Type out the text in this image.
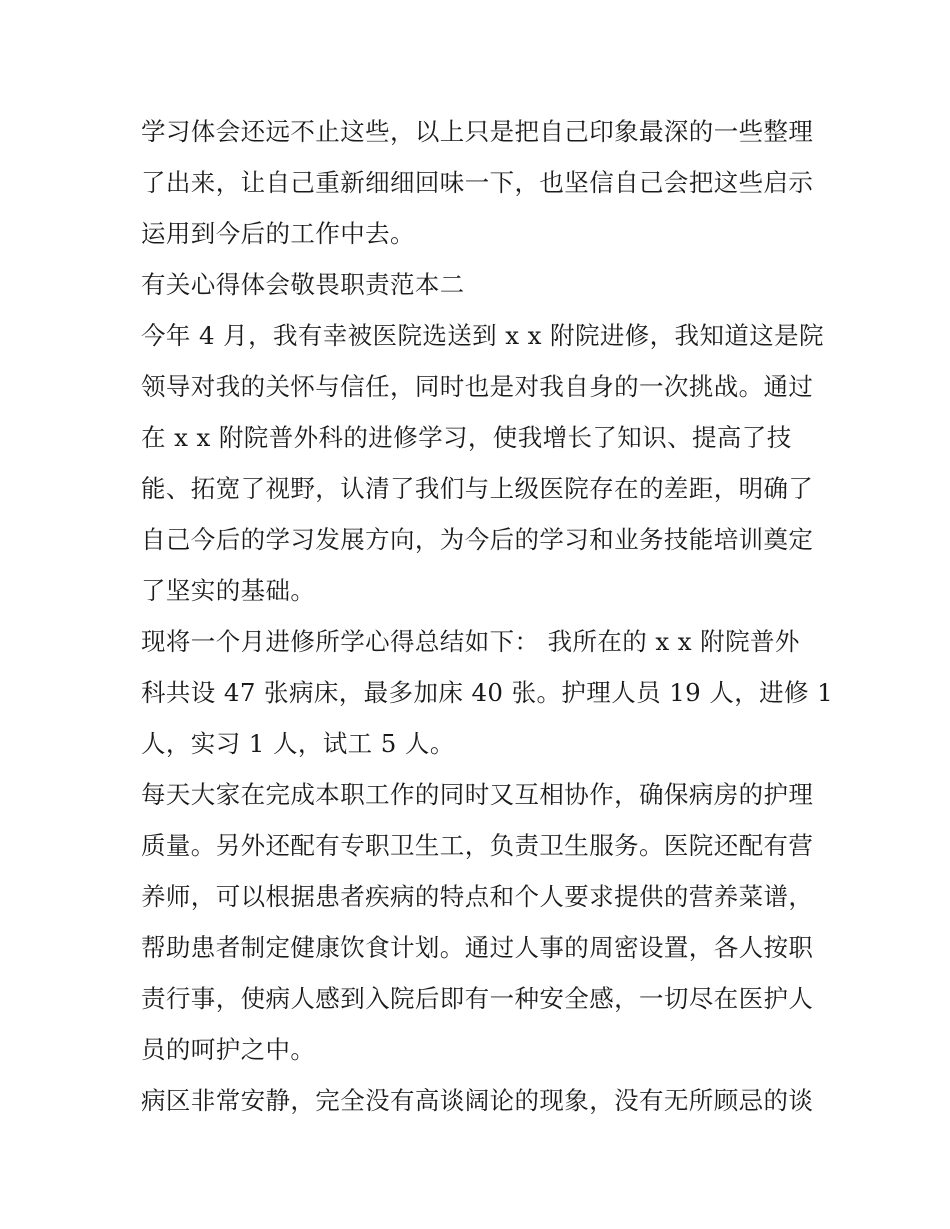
学习体会还远不止这些，以上只是把自己印象最深的一些整理
了出来，让自己重新细细回味一下，也坚信自己会把这些启示
运用到今后的工作中去。
有关心得体会敬畏职责范本二
今年 4 月，我有幸被医院选送到 x x 附院进修，我知道这是院
领导对我的关怀与信任，同时也是对我自身的一次挑战。通过
在 x x 附院普外科的进修学习，使我增长了知识、提高了技
能、拓宽了视野，认清了我们与上级医院存在的差距，明确了
自己今后的学习发展方向，为今后的学习和业务技能培训奠定
了坚实的基础。
现将一个月进修所学心得总结如下： 我所在的 x x 附院普外
科共设 47 张病床，最多加床 40 张。护理人员 19 人，进修 1
人，实习 1 人，试工 5 人。
每天大家在完成本职工作的同时又互相协作，确保病房的护理
质量。另外还配有专职卫生工，负责卫生服务。医院还配有营
养师，可以根据患者疾病的特点和个人要求提供的营养菜谱，
帮助患者制定健康饮食计划。通过人事的周密设置，各人按职
责行事，使病人感到入院后即有一种安全感，一切尽在医护人
员的呵护之中。
病区非常安静，完全没有高谈阔论的现象，没有无所顾忌的谈
